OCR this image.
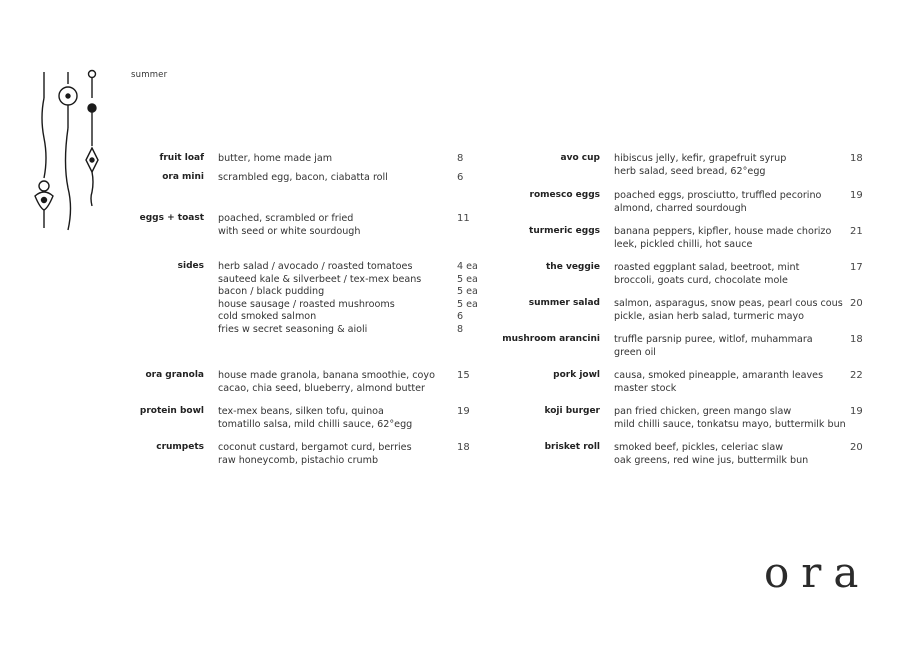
summer
fruit loaf butter, home made jam	8
ora mini scrambled egg, bacon, ciabatta roll	6
eggs + toast poached, scrambled or fried
with seed or white sourdough
11
sides herb salad / avocado / roasted tomatoes
sauteed kale & silverbeet / tex-mex beans
bacon / black pudding
house sausage / roasted mushrooms
cold smoked salmon
fries w secret seasoning & aioli
4 ea
5 ea
5 ea
5 ea
6
8
ora granola house made granola, banana smoothie, coyo
cacao, chia seed, blueberry, almond butter
15
protein bowl tex-mex beans, silken tofu, quinoa
tomatillo salsa, mild chilli sauce, 62°egg
19
crumpets coconut custard, bergamot curd, berries
raw honeycomb, pistachio crumb
18
avo cup hibiscus jelly, kefir, grapefruit syrup
herb salad, seed bread, 62°egg
18
romesco eggs poached eggs, prosciutto, truffled pecorino
almond, charred sourdough
19
turmeric eggs banana peppers, kipfler, house made chorizo
leek, pickled chilli, hot sauce
21
the veggie roasted eggplant salad, beetroot, mint
broccoli, goats curd, chocolate mole
17
summer salad salmon, asparagus, snow peas, pearl cous cous
pickle, asian herb salad, turmeric mayo
20
mushroom arancini truffle parsnip puree, witlof, muhammara
green oil
18
pork jowl causa, smoked pineapple, amaranth leaves
master stock
22
koji burger pan fried chicken, green mango slaw
mild chilli sauce, tonkatsu mayo, buttermilk bun
19
brisket roll smoked beef, pickles, celeriac slaw
oak greens, red wine jus, buttermilk bun
20
ora
